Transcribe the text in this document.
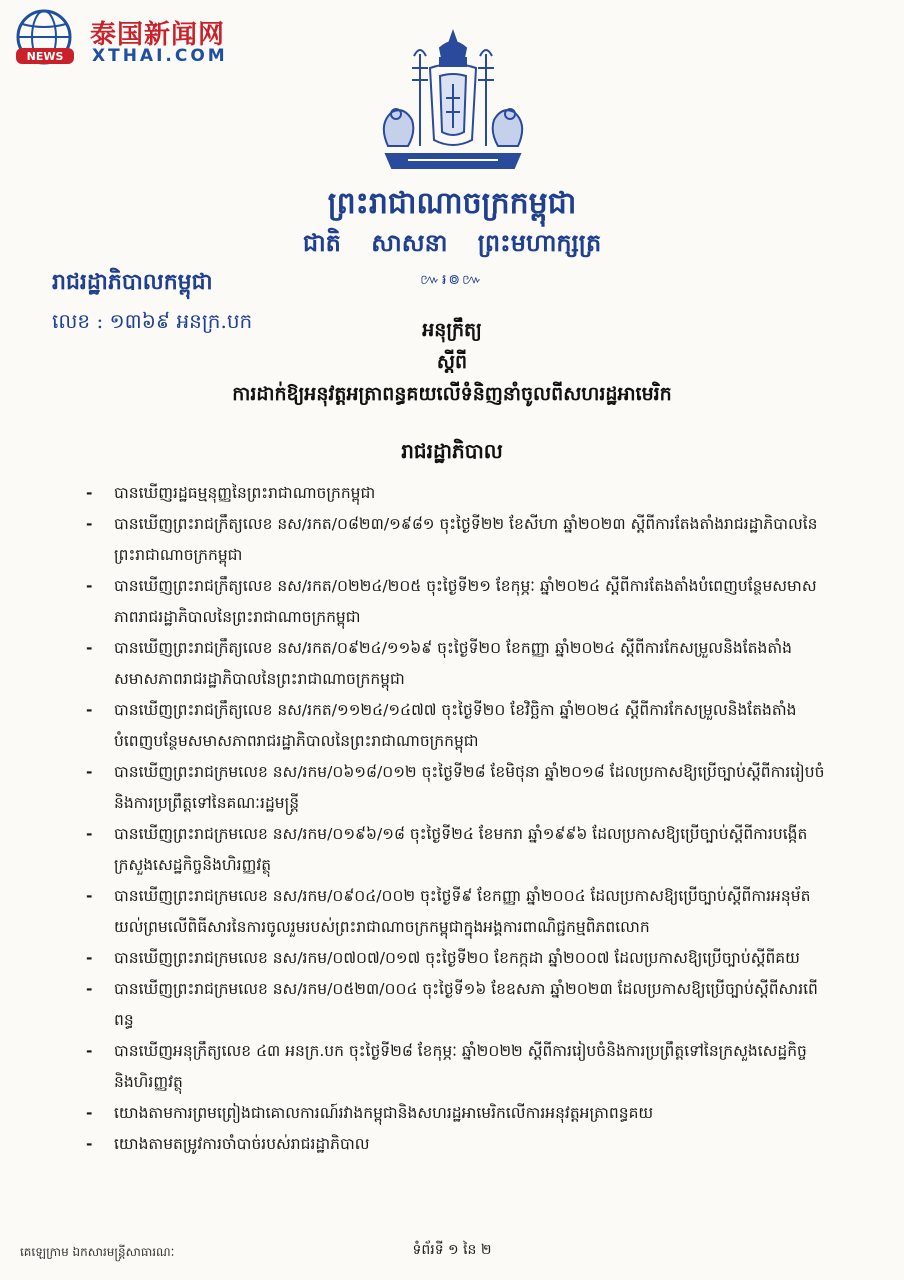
NEWS
泰国新闻网
XTHAI.COM
ព្រះរាជាណាចក្រកម្ពុជា
ជាតិ សាសនា ព្រះមហាក្សត្រ
៚៛៙៚
រាជរដ្ឋាភិបាលកម្ពុជា
លេខ : ១៣៦៩ អនក្រ.បក	អនុក្រឹត្យ
ស្តីពី
ការដាក់ឱ្យអនុវត្តអត្រាពន្ធគយលើទំនិញនាំចូលពីសហរដ្ឋអាមេរិក
រាជរដ្ឋាភិបាល
- បានឃើញរដ្ឋធម្មនុញ្ញនៃព្រះរាជាណាចក្រកម្ពុជា
- បានឃើញព្រះរាជក្រឹត្យលេខ នស/រកត/០៨២៣/១៩៨១ ចុះថ្ងៃទី២២ ខែសីហា ឆ្នាំ២០២៣ ស្តីពីការតែងតាំងរាជរដ្ឋាភិបាលនៃព្រះរាជាណាចក្រកម្ពុជា
- បានឃើញព្រះរាជក្រឹត្យលេខ នស/រកត/០២២៤/២០៥ ចុះថ្ងៃទី២១ ខែកុម្ភៈ ឆ្នាំ២០២៤ ស្តីពីការតែងតាំងបំពេញបន្ថែមសមាសភាពរាជរដ្ឋាភិបាលនៃព្រះរាជាណាចក្រកម្ពុជា
- បានឃើញព្រះរាជក្រឹត្យលេខ នស/រកត/០៩២៤/១១៦៩ ចុះថ្ងៃទី២០ ខែកញ្ញា ឆ្នាំ២០២៤ ស្តីពីការកែសម្រួលនិងតែងតាំងសមាសភាពរាជរដ្ឋាភិបាលនៃព្រះរាជាណាចក្រកម្ពុជា
- បានឃើញព្រះរាជក្រឹត្យលេខ នស/រកត/១១២៤/១៤៧៧ ចុះថ្ងៃទី២០ ខែវិច្ឆិកា ឆ្នាំ២០២៤ ស្តីពីការកែសម្រួលនិងតែងតាំងបំពេញបន្ថែមសមាសភាពរាជរដ្ឋាភិបាលនៃព្រះរាជាណាចក្រកម្ពុជា
- បានឃើញព្រះរាជក្រមលេខ នស/រកម/០៦១៨/០១២ ចុះថ្ងៃទី២៨ ខែមិថុនា ឆ្នាំ២០១៨ ដែលប្រកាសឱ្យប្រើច្បាប់ស្តីពីការរៀបចំនិងការប្រព្រឹត្តទៅនៃគណៈរដ្ឋមន្ត្រី
- បានឃើញព្រះរាជក្រមលេខ នស/រកម/០១៩៦/១៨ ចុះថ្ងៃទី២៤ ខែមករា ឆ្នាំ១៩៩៦ ដែលប្រកាសឱ្យប្រើច្បាប់ស្តីពីការបង្កើតក្រសួងសេដ្ឋកិច្ចនិងហិរញ្ញវត្ថុ
- បានឃើញព្រះរាជក្រមលេខ នស/រកម/០៩០៤/០០២ ចុះថ្ងៃទី៩ ខែកញ្ញា ឆ្នាំ២០០៤ ដែលប្រកាសឱ្យប្រើច្បាប់ស្តីពីការអនុម័តយល់ព្រមលើពិធីសារនៃការចូលរួមរបស់ព្រះរាជាណាចក្រកម្ពុជាក្នុងអង្គការពាណិជ្ជកម្មពិភពលោក
- បានឃើញព្រះរាជក្រមលេខ នស/រកម/០៧០៧/០១៧ ចុះថ្ងៃទី២០ ខែកក្កដា ឆ្នាំ២០០៧ ដែលប្រកាសឱ្យប្រើច្បាប់ស្តីពីគយ
- បានឃើញព្រះរាជក្រមលេខ នស/រកម/០៥២៣/០០៤ ចុះថ្ងៃទី១៦ ខែឧសភា ឆ្នាំ២០២៣ ដែលប្រកាសឱ្យប្រើច្បាប់ស្តីពីសារពើពន្ធ
- បានឃើញអនុក្រឹត្យលេខ ៤៣ អនក្រ.បក ចុះថ្ងៃទី២៨ ខែកុម្ភៈ ឆ្នាំ២០២២ ស្តីពីការរៀបចំនិងការប្រព្រឹត្តទៅនៃក្រសួងសេដ្ឋកិច្ចនិងហិរញ្ញវត្ថុ
- យោងតាមការព្រមព្រៀងជាគោលការណ៍រវាងកម្ពុជានិងសហរដ្ឋអាមេរិកលើការអនុវត្តអត្រាពន្ធគយ
- យោងតាមតម្រូវការចាំបាច់របស់រាជរដ្ឋាភិបាល
គេឡេក្រាម ឯកសារមន្ត្រីសាធារណៈ	ទំព័រទី ១ នៃ ២
